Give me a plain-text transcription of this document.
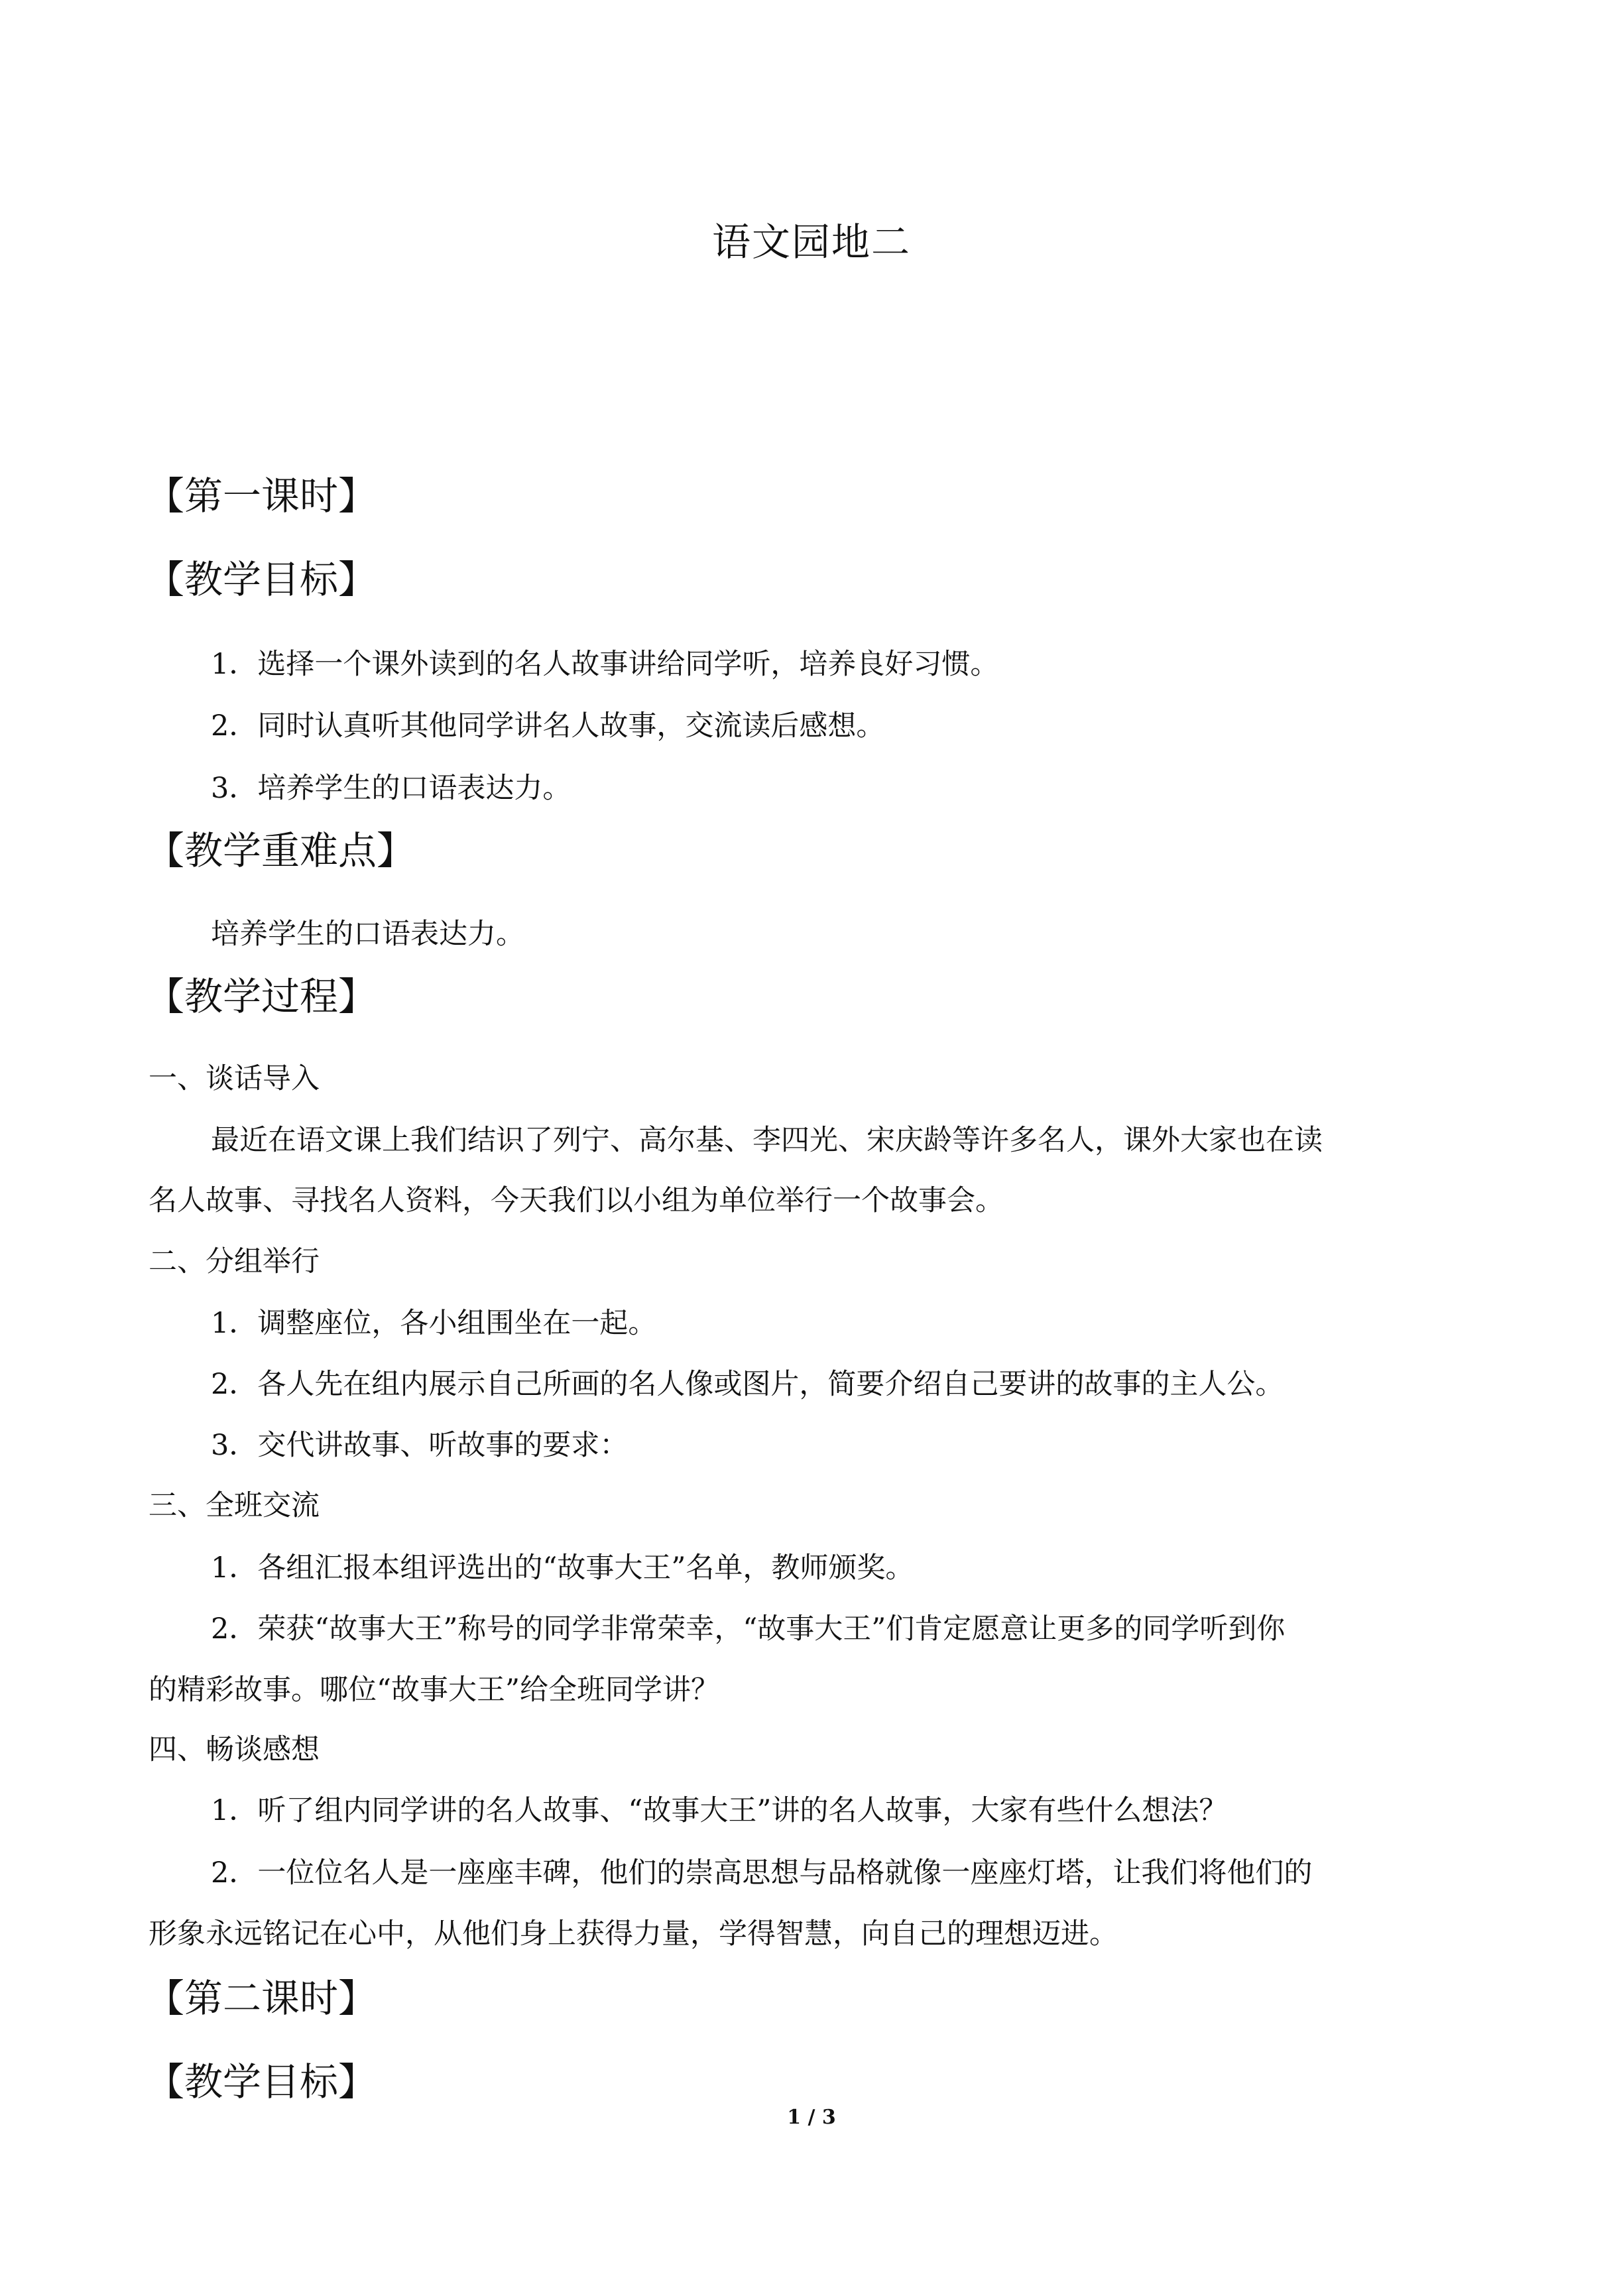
语文园地二
【第一课时】
【教学目标】
1．选择一个课外读到的名人故事讲给同学听，培养良好习惯。
2．同时认真听其他同学讲名人故事，交流读后感想。
3．培养学生的口语表达力。
【教学重难点】
培养学生的口语表达力。
【教学过程】
一、谈话导入
最近在语文课上我们结识了列宁、高尔基、李四光、宋庆龄等许多名人，课外大家也在读
名人故事、寻找名人资料，今天我们以小组为单位举行一个故事会。
二、分组举行
1．调整座位，各小组围坐在一起。
2．各人先在组内展示自己所画的名人像或图片，简要介绍自己要讲的故事的主人公。
3．交代讲故事、听故事的要求：
三、全班交流
1．各组汇报本组评选出的“故事大王”名单，教师颁奖。
2．荣获“故事大王”称号的同学非常荣幸，“故事大王”们肯定愿意让更多的同学听到你
的精彩故事。哪位“故事大王”给全班同学讲？
四、畅谈感想
1．听了组内同学讲的名人故事、“故事大王”讲的名人故事，大家有些什么想法？
2．一位位名人是一座座丰碑，他们的崇高思想与品格就像一座座灯塔，让我们将他们的
形象永远铭记在心中，从他们身上获得力量，学得智慧，向自己的理想迈进。
【第二课时】
【教学目标】
1 / 3
